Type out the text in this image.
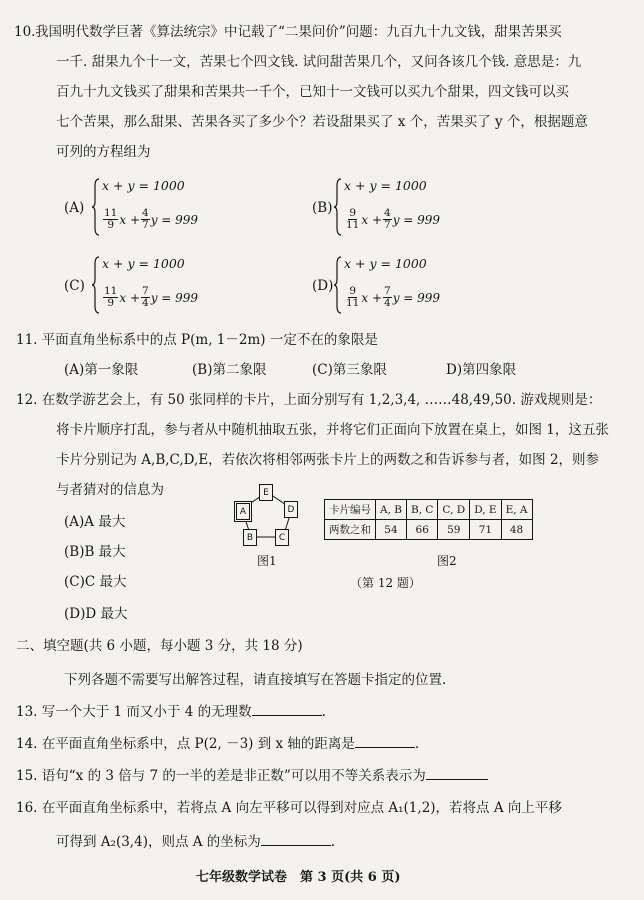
我国明代数学巨著《算法统宗》中记载了“二果问价”问题：九百九十九文钱，甜果苦果买
10.
一千. 甜果九个十一文，苦果七个四文钱. 试问甜苦果几个，又问各该几个钱. 意思是：九
百九十九文钱买了甜果和苦果共一千个，已知十一文钱可以买九个甜果，四文钱可以买
七个苦果，那么甜果、苦果各买了多少个？若设甜果买了 x 个，苦果买了 y 个，根据题意
可列的方程组为
(A)
x + y = 1000
$\frac{11}{9}$ $x + \frac{4}{7}$ y = 999
(B)
x + y = 1000
$\frac{9}{11}$ $x + \frac{4}{7}$ y = 999
(C)
x + y = 1000
$\frac{11}{9}$ $x + \frac{7}{4}$ y = 999
(D)
x + y = 1000
$\frac{9}{11}$ $x + \frac{7}{4}$ y = 999
11. 平面直角坐标系中的点 P(m, 1－2m) 一定不在的象限是
(A)第一象限	(B)第二象限	(C)第三象限	D)第四象限
12. 在数学游艺会上，有 50 张同样的卡片，上面分别写有 1,2,3,4, ……48,49,50. 游戏规则是：
将卡片顺序打乱，参与者从中随机抽取五张，并将它们正面向下放置在桌上，如图 1，这五张
卡片分别记为 A,B,C,D,E，若依次将相邻两张卡片上的两数之和告诉参与者，如图 2，则参
与者猜对的信息为
(A)A 最大
(B)B 最大
(C)C 最大
(D)D 最大
E
A	D
B	C
图1
卡片编号	A, B	B, C	C, D	D, E	E, A
两数之和	54	66	59	71	48
图2
（第 12 题）
二、填空题(共 6 小题，每小题 3 分，共 18 分)
下列各题不需要写出解答过程，请直接填写在答题卡指定的位置.
13. 写一个大于 1 而又小于 4 的无理数	.
14. 在平面直角坐标系中，点 P(2, －3) 到 x 轴的距离是	.
15. 语句“x 的 3 倍与 7 的一半的差是非正数”可以用不等关系表示为
16. 在平面直角坐标系中，若将点 A 向左平移可以得到对应点 A₁(1,2)，若将点 A 向上平移
可得到 A₂(3,4)，则点 A 的坐标为	.
七年级数学试卷　第 3 页(共 6 页)
